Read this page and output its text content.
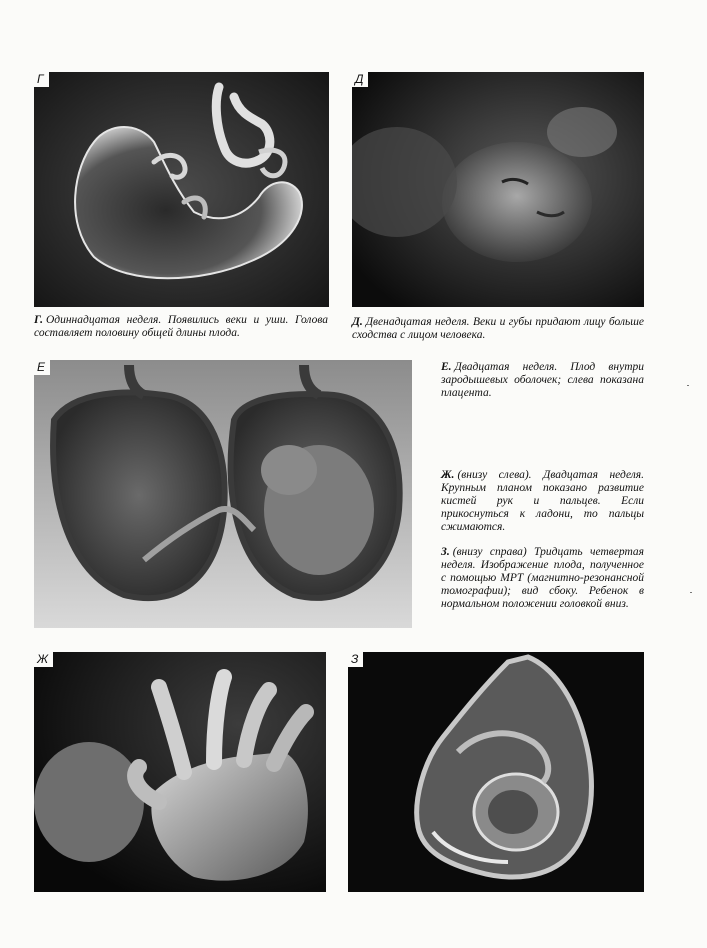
Г	Д

Г. Одиннадцатая неделя. Появились веки и уши. Голова составляет половину общей длины плода.

Д. Двенадцатая неделя. Веки и губы придают лицу больше сходства с лицом человека.

Е	Е. Двадцатая неделя. Плод внутри зародышевых оболочек; слева показана плацента.

Ж. (внизу слева). Двадцатая неделя. Крупным планом показано развитие кистей рук и пальцев. Если прикоснуться к ладони, то пальцы сжимаются.

З. (внизу справа) Тридцать четвертая неделя. Изображение плода, полученное с помощью МРТ (магнитно-резонансной томографии); вид сбоку. Ребенок в нормальном положении головкой вниз.

Ж	З
